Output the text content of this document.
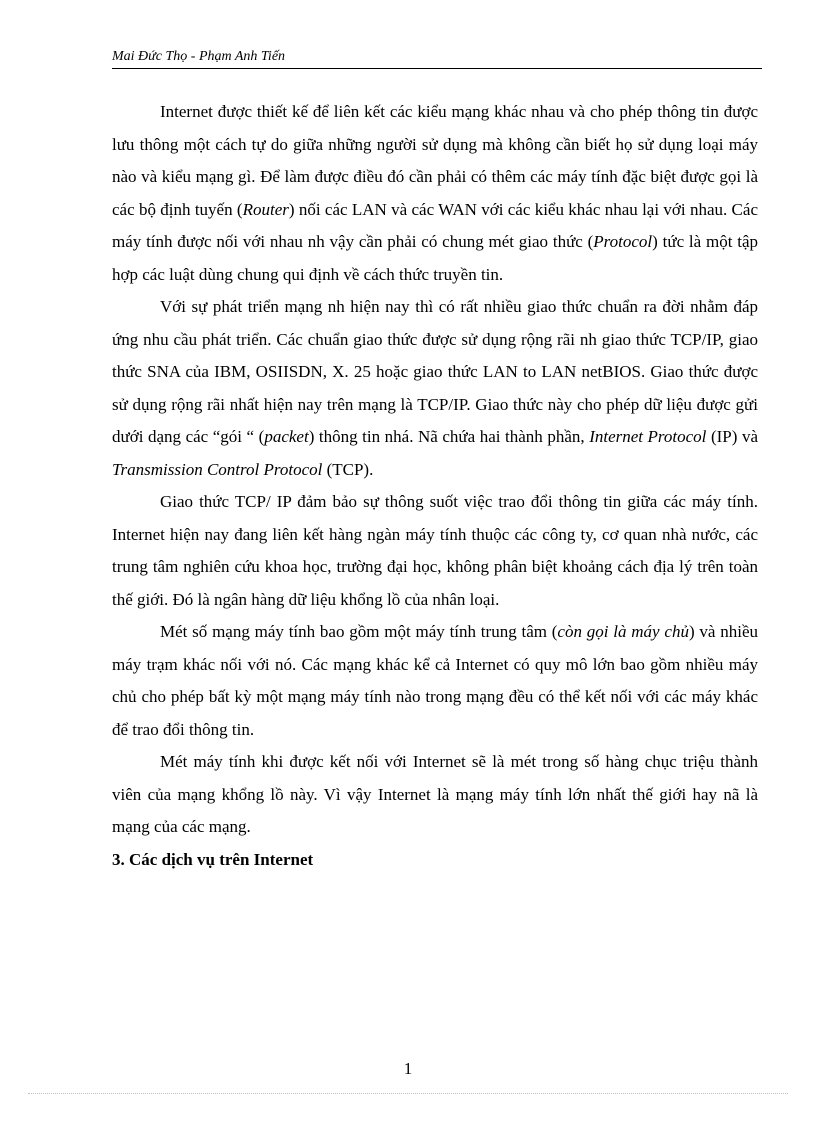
Mai Đức Thọ - Phạm Anh Tiến

Internet được thiết kế để liên kết các kiểu mạng khác nhau và cho phép thông tin được lưu thông một cách tự do giữa những người sử dụng mà không cần biết họ sử dụng loại máy nào và kiểu mạng gì. Để làm được điều đó cần phải có thêm các máy tính đặc biệt được gọi là các bộ định tuyến (Router) nối các LAN và các WAN với các kiểu khác nhau lại với nhau. Các máy tính được nối với nhau nh vậy cần phải có chung mét giao thức (Protocol) tức là một tập hợp các luật dùng chung qui định về cách thức truyền tin.

Với sự phát triển mạng nh hiện nay thì có rất nhiều giao thức chuẩn ra đời nhằm đáp ứng nhu cầu phát triển. Các chuẩn giao thức được sử dụng rộng rãi nh giao thức TCP/IP, giao thức SNA của IBM, OSIISDN, X. 25 hoặc giao thức LAN to LAN netBIOS. Giao thức được sử dụng rộng rãi nhất hiện nay trên mạng là TCP/IP. Giao thức này cho phép dữ liệu được gửi dưới dạng các “gói “ (packet) thông tin nhá. Nã chứa hai thành phần, Internet Protocol (IP) và Transmission Control Protocol (TCP).

Giao thức TCP/ IP đảm bảo sự thông suốt việc trao đổi thông tin giữa các máy tính. Internet hiện nay đang liên kết hàng ngàn máy tính thuộc các công ty, cơ quan nhà nước, các trung tâm nghiên cứu khoa học, trường đại học, không phân biệt khoảng cách địa lý trên toàn thế giới. Đó là ngân hàng dữ liệu khổng lồ của nhân loại.

Mét số mạng máy tính bao gồm một máy tính trung tâm (còn gọi là máy chủ) và nhiều máy trạm khác nối với nó. Các mạng khác kể cả Internet có quy mô lớn bao gồm nhiều máy chủ cho phép bất kỳ một mạng máy tính nào trong mạng đều có thể kết nối với các máy khác để trao đổi thông tin.

Mét máy tính khi được kết nối với Internet sẽ là mét trong số hàng chục triệu thành viên của mạng khổng lồ này. Vì vậy Internet là mạng máy tính lớn nhất thế giới hay nã là mạng của các mạng.

3. Các dịch vụ trên Internet

1
